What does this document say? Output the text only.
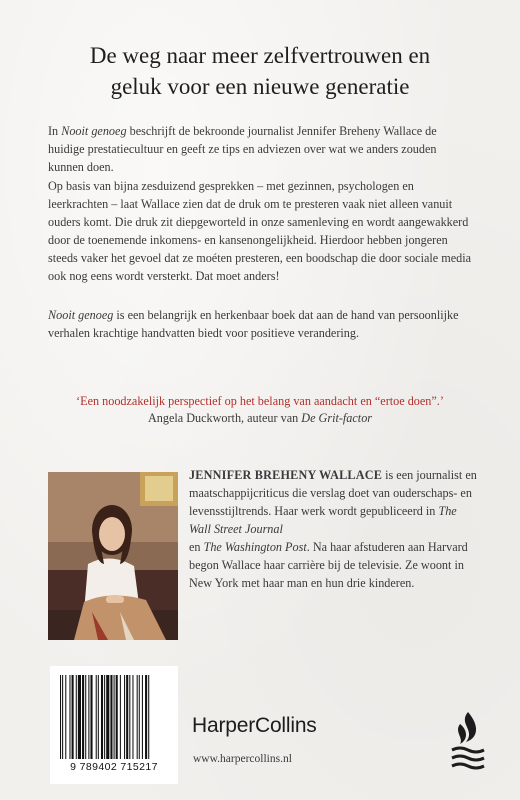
De weg naar meer zelfvertrouwen en
geluk voor een nieuwe generatie

In Nooit genoeg beschrijft de bekroonde journalist Jennifer Breheny Wallace de huidige prestatiecultuur en geeft ze tips en adviezen over wat we anders zouden kunnen doen.

Op basis van bijna zesduizend gesprekken – met gezinnen, psychologen en leerkrachten – laat Wallace zien dat de druk om te presteren vaak niet alleen vanuit ouders komt. Die druk zit diepgeworteld in onze samenleving en wordt aangewakkerd door de toenemende inkomens- en kansenongelijkheid. Hierdoor hebben jongeren steeds vaker het gevoel dat ze moéten presteren, een boodschap die door sociale media ook nog eens wordt versterkt. Dat moet anders!

Nooit genoeg is een belangrijk en herkenbaar boek dat aan de hand van persoonlijke verhalen krachtige handvatten biedt voor positieve verandering.

‘Een noodzakelijk perspectief op het belang van aandacht en “ertoe doen”.’
Angela Duckworth, auteur van De Grit-factor

JENNIFER BREHENY WALLACE is een journalist en maatschappijcriticus die verslag doet van ouderschaps- en levensstijltrends. Haar werk wordt gepubliceerd in The Wall Street Journal
en The Washington Post. Na haar afstuderen aan Harvard begon Wallace haar carrière bij de televisie. Ze woont in New York met haar man en hun drie kinderen.

9 789402 715217
HarperCollins
www.harpercollins.nl
